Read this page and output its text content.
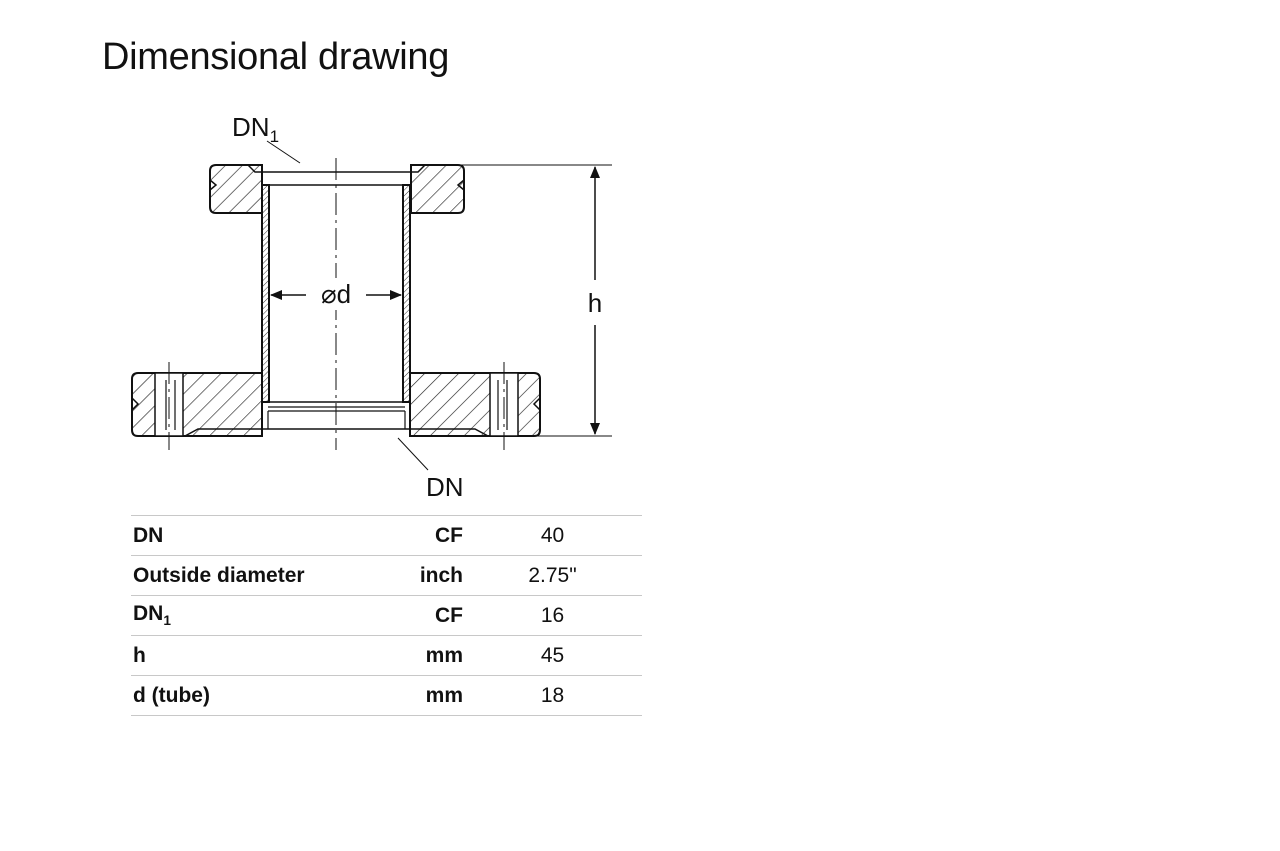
Dimensional drawing
h
⌀d
$DN_1$
DN
DN	CF	40
Outside diameter	inch	2.75"
$DN_1$	CF	16
h	mm	45
d (tube)	mm	18
